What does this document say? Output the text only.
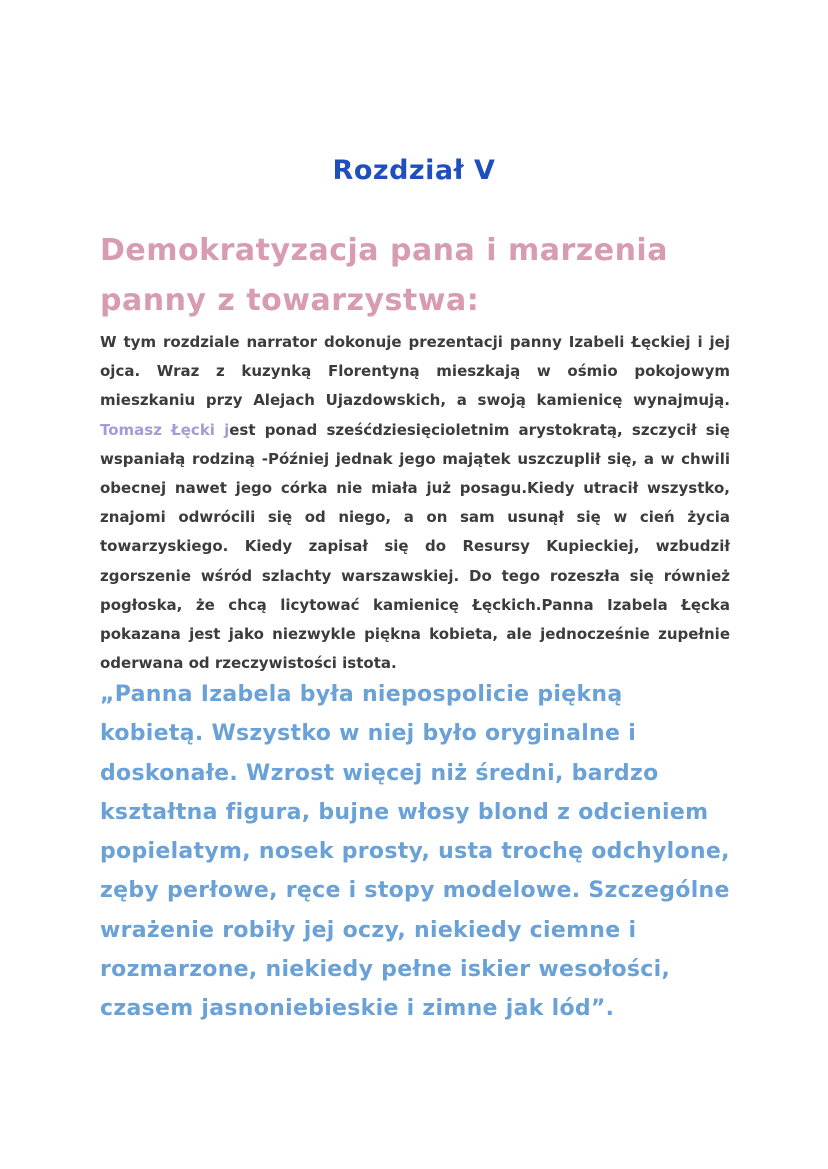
Rozdział V
Demokratyzacja pana i marzenia panny z towarzystwa:
W tym rozdziale narrator dokonuje prezentacji panny Izabeli Łęckiej i jej ojca. Wraz z kuzynką Florentyną mieszkają w ośmio pokojowym mieszkaniu przy Alejach Ujazdowskich, a swoją kamienicę wynajmują. Tomasz Łęcki jest ponad sześćdziesięcioletnim arystokratą, szczycił się wspaniałą rodziną -Później jednak jego majątek uszczuplił się, a w chwili obecnej nawet jego córka nie miała już posagu.Kiedy utracił wszystko, znajomi odwrócili się od niego, a on sam usunął się w cień życia towarzyskiego. Kiedy zapisał się do Resursy Kupieckiej, wzbudził zgorszenie wśród szlachty warszawskiej. Do tego rozeszła się również pogłoska, że chcą licytować kamienicę Łęckich.Panna Izabela Łęcka pokazana jest jako niezwykle piękna kobieta, ale jednocześnie zupełnie oderwana od rzeczywistości istota.
„Panna Izabela była niepospolicie piękną kobietą. Wszystko w niej było oryginalne i doskonałe. Wzrost więcej niż średni, bardzo kształtna figura, bujne włosy blond z odcieniem popielatym, nosek prosty, usta trochę odchylone, zęby perłowe, ręce i stopy modelowe. Szczególne wrażenie robiły jej oczy, niekiedy ciemne i rozmarzone, niekiedy pełne iskier wesołości, czasem jasnoniebieskie i zimne jak lód”.
